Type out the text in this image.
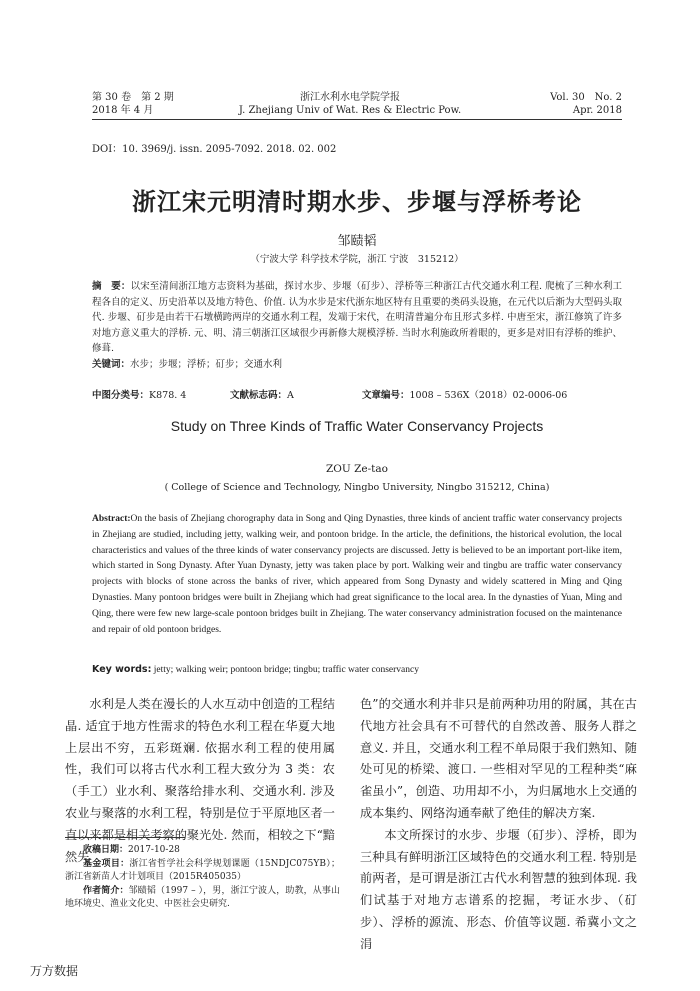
第 30 卷　第 2 期
2018 年 4 月
浙江水利水电学院学报
J. Zhejiang Univ of Wat. Res & Electric Pow.
Vol. 30　No. 2
Apr. 2018
DOI：10. 3969/j. issn. 2095-7092. 2018. 02. 002
浙江宋元明清时期水步、步堰与浮桥考论
邹赜韬
（宁波大学 科学技术学院，浙江 宁波　315212）
摘　要：以宋至清间浙江地方志资料为基础，探讨水步、步堰（矴步）、浮桥等三种浙江古代交通水利工程. 爬梳了三种水利工程各自的定义、历史沿革以及地方特色、价值. 认为水步是宋代浙东地区特有且重要的类码头设施，在元代以后渐为大型码头取代. 步堰、矴步是由若干石墩横跨两岸的交通水利工程，发端于宋代，在明清普遍分布且形式多样. 中唐至宋，浙江修筑了许多对地方意义重大的浮桥. 元、明、清三朝浙江区域很少再新修大规模浮桥. 当时水利施政所着眼的，更多是对旧有浮桥的维护、修葺.
关键词：水步；步堰；浮桥；矴步；交通水利
中图分类号：K878. 4	文献标志码：A	文章编号：1008 – 536X（2018）02-0006-06
Study on Three Kinds of Traffic Water Conservancy Projects
ZOU Ze-tao
( College of Science and Technology, Ningbo University, Ningbo 315212, China)
Abstract:On the basis of Zhejiang chorography data in Song and Qing Dynasties, three kinds of ancient traffic water conservancy projects in Zhejiang are studied, including jetty, walking weir, and pontoon bridge. In the article, the definitions, the historical evolution, the local characteristics and values of the three kinds of water conservancy projects are discussed. Jetty is believed to be an important port-like item, which started in Song Dynasty. After Yuan Dynasty, jetty was taken place by port. Walking weir and tingbu are traffic water conservancy projects with blocks of stone across the banks of river, which appeared from Song Dynasty and widely scattered in Ming and Qing Dynasties. Many pontoon bridges were built in Zhejiang which had great significance to the local area. In the dynasties of Yuan, Ming and Qing, there were few new large-scale pontoon bridges built in Zhejiang. The water conservancy administration focused on the maintenance and repair of old pontoon bridges.
Key words: jetty; walking weir; pontoon bridge; tingbu; traffic water conservancy

水利是人类在漫长的人水互动中创造的工程结晶. 适宜于地方性需求的特色水利工程在华夏大地上层出不穷，五彩斑斓. 依据水利工程的使用属性，我们可以将古代水利工程大致分为 3 类：农（手工）业水利、聚落给排水利、交通水利. 涉及农业与聚落的水利工程，特别是位于平原地区者一直以来都是相关考察的聚光处. 然而，相较之下“黯然失

色”的交通水利并非只是前两种功用的附属，其在古代地方社会具有不可替代的自然改善、服务人群之意义. 并且，交通水利工程不单局限于我们熟知、随处可见的桥梁、渡口. 一些相对罕见的工程种类“麻雀虽小”，创造、功用却不小，为归属地水上交通的成本集约、网络沟通奉献了绝佳的解决方案.

本文所探讨的水步、步堰（矴步）、浮桥，即为三种具有鲜明浙江区域特色的交通水利工程. 特别是前两者，是可谓是浙江古代水利智慧的独到体现. 我们试基于对地方志谱系的挖掘，考证水步、（矴步）、浮桥的源流、形态、价值等议题. 希冀小文之涓

收稿日期：2017-10-28
基金项目：浙江省哲学社会科学规划课题（15NDJC075YB）；浙江省新苗人才计划项目（2015R405035）
作者简介：邹赜韬（1997 – ），男，浙江宁波人，助教，从事山地环境史、渔业文化史、中医社会史研究.
万方数据
